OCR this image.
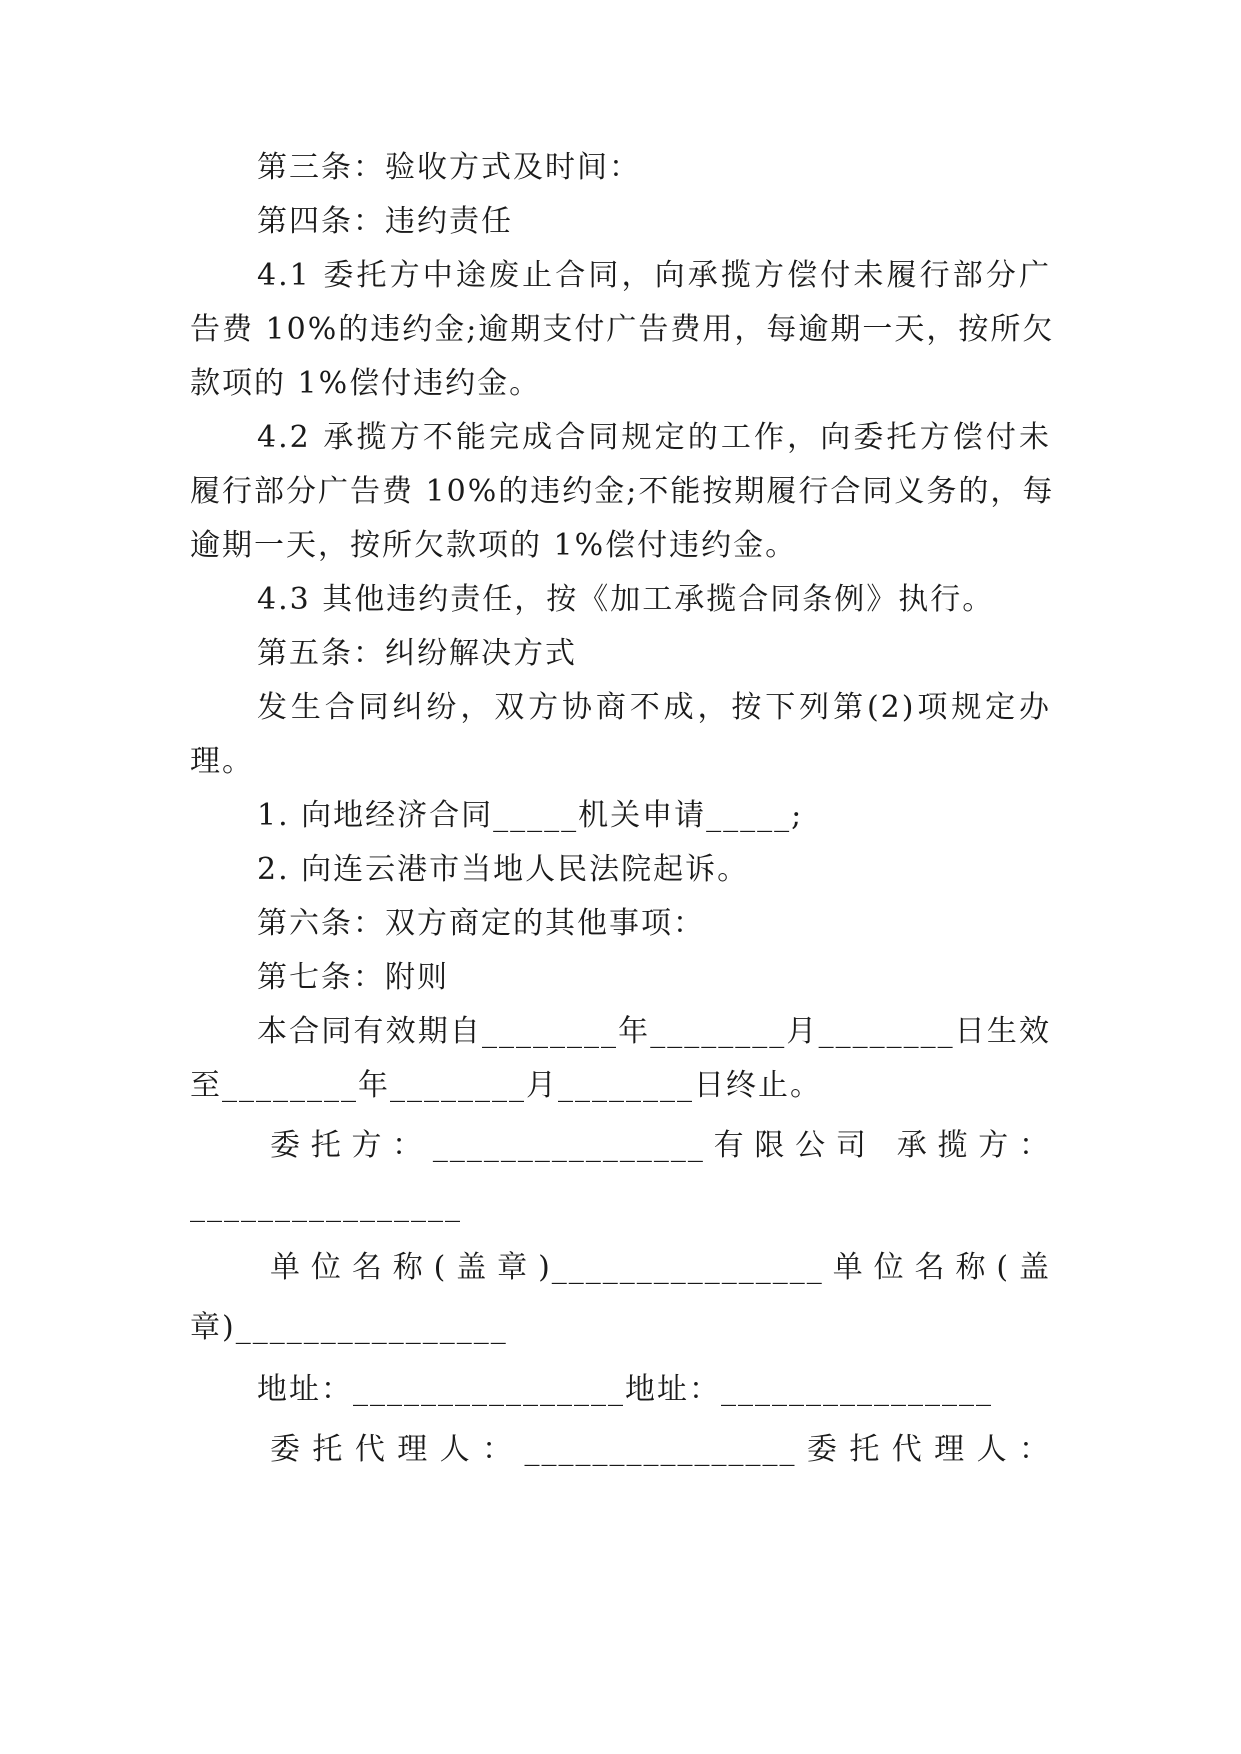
第三条：验收方式及时间：
第四条：违约责任
4.1 委托方中途废止合同，向承揽方偿付未履行部分广
告费 10%的违约金;逾期支付广告费用，每逾期一天，按所欠
款项的 1%偿付违约金。
4.2 承揽方不能完成合同规定的工作，向委托方偿付未
履行部分广告费 10%的违约金;不能按期履行合同义务的，每
逾期一天，按所欠款项的 1%偿付违约金。
4.3 其他违约责任，按《加工承揽合同条例》执行。
第五条：纠纷解决方式
发生合同纠纷，双方协商不成，按下列第(2)项规定办
理。
1. 向地经济合同_____机关申请_____;
2. 向连云港市当地人民法院起诉。
第六条：双方商定的其他事项：
第七条：附则
本合同有效期自________年________月________日生效
至________年________月________日终止。
委托方：________________有限公司 承揽方：
________________
单位名称(盖章)________________单位名称(盖
章)________________
地址：________________地址：________________
委托代理人：________________委托代理人：
